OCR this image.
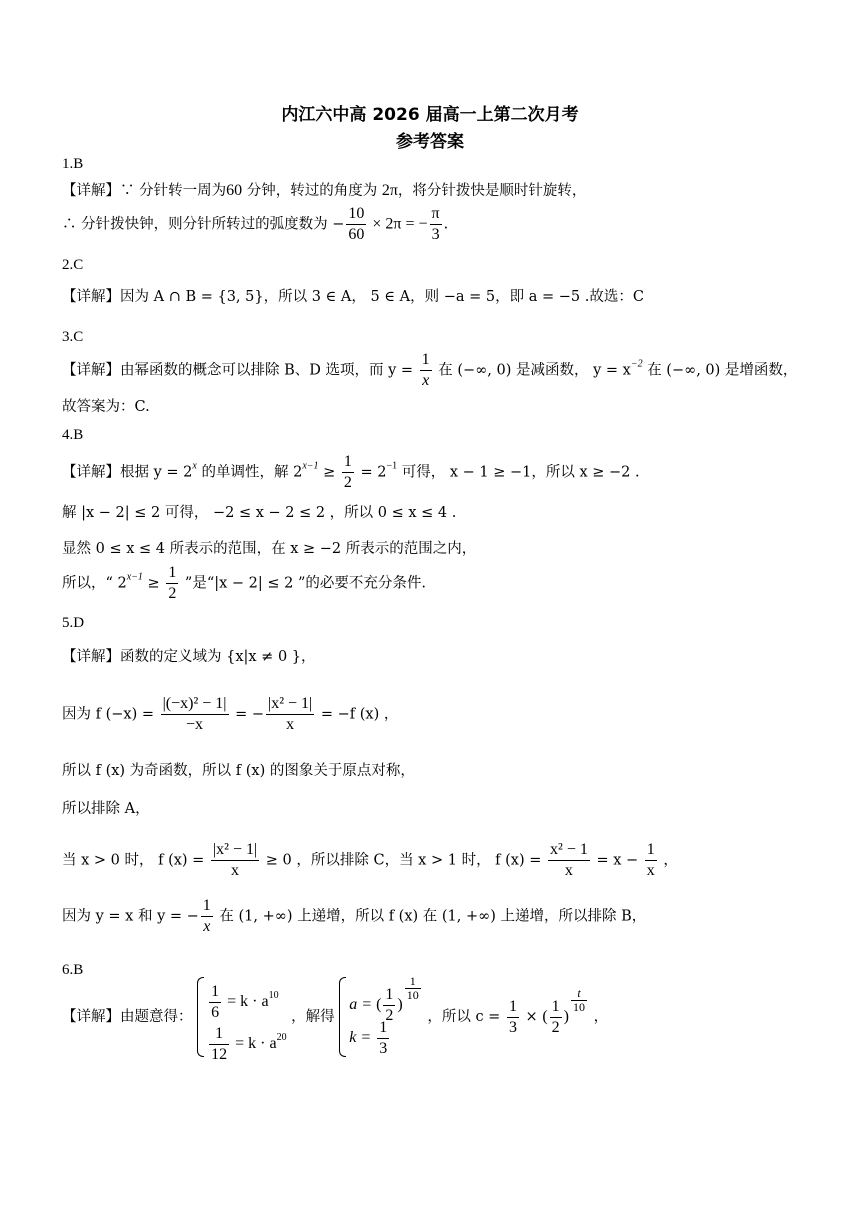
内江六中高 2026 届高一上第二次月考
参考答案
1.B
【详解】∵ 分针转一周为60 分钟，转过的角度为 2π，将分针拨快是顺时针旋转，
∴ 分针拨快钟，则分针所转过的弧度数为 − $\frac{10}{60} \times 2\pi$ = − $\frac{\pi}{3}$ .
2.C
【详解】因为 A ∩ B = {3, 5}，所以 3 ∈ A， 5 ∈ A，则 −a = 5，即 a = −5 .故选：C
3.C
【详解】由幂函数的概念可以排除 B、D 选项，而 $y = \frac{1}{x}$ 在 (−∞, 0) 是减函数， $y = x^{-2}$ 在 (−∞, 0) 是增函数，
故答案为：C.
4.B
【详解】根据 $y = 2^x$ 的单调性，解 $2^{x-1} \ge \frac{1}{2} = 2^{-1}$ 可得， x − 1 ≥ −1，所以 x ≥ −2 .
解 |x − 2| ≤ 2 可得， −2 ≤ x − 2 ≤ 2 ，所以 0 ≤ x ≤ 4 .
显然 0 ≤ x ≤ 4 所表示的范围，在 x ≥ −2 所表示的范围之内，
所以，“ $2^{x-1} \ge \frac{1}{2}$ ”是“|x − 2| ≤ 2 ”的必要不充分条件.
5.D
【详解】函数的定义域为 {x|x ≠ 0 }，
因为 f $(-x) = \frac{\text{|(−x)² − 1|}}{-x}$ = − $\frac{\text{|x² − 1|}}{x} = -f$ (x) ，
所以 f (x) 为奇函数，所以 f (x) 的图象关于原点对称，
所以排除 A，
当 x > 0 时， f $(x) = \frac{\text{|x² − 1|}}{x} \ge 0$ ，所以排除 C，当 x > 1 时， f $(x) = \frac{\text{x² − 1}}{x} = x - \frac{1}{x}$ ，
因为 y = x 和 y = − $\frac{1}{x}$ 在 (1, +∞) 上递增，所以 f (x) 在 (1, +∞) 上递增，所以排除 B，
6.B
【详解】由题意得： $\frac{1}{6} = k \cdot a^{10}$
$\frac{1}{12} = k \cdot a^{20}$
，解得
a = ( $\frac{1}{2}$ )
$\frac{1}{10}$
$k = \frac{1}{3}$
，所以 $c = \frac{1}{3}$ × ( $\frac{1}{2}$ )
$\frac{t}{10}$
，
